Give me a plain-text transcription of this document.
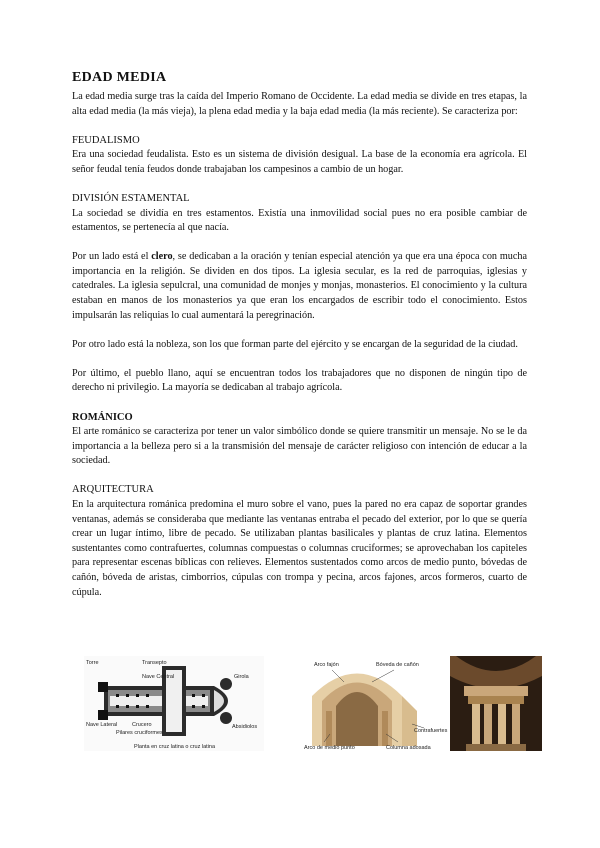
EDAD MEDIA

La edad media surge tras la caída del Imperio Romano de Occidente. La edad media se divide en tres etapas, la alta edad media (la más vieja), la plena edad media y la baja edad media (la más reciente). Se caracteriza por:

FEUDALISMO

Era una sociedad feudalista. Esto es un sistema de división desigual. La base de la economía era agrícola. El señor feudal tenía feudos donde trabajaban los campesinos a cambio de un hogar.

DIVISIÓN ESTAMENTAL

La sociedad se dividía en tres estamentos. Existía una inmovilidad social pues no era posible cambiar de estamentos, se pertenecía al que nacía.

Por un lado está el clero, se dedicaban a la oración y tenían especial atención ya que era una época con mucha importancia en la religión. Se dividen en dos tipos. La iglesia secular, es la red de parroquias, iglesias y catedrales. La iglesia sepulcral, una comunidad de monjes y monjas, monasterios. El conocimiento y la cultura estaban en manos de los monasterios ya que eran los encargados de escribir todo el conocimiento. Estos impulsarán las reliquias lo cual aumentará la peregrinación.

Por otro lado está la nobleza, son los que forman parte del ejército y se encargan de la seguridad de la ciudad.

Por último, el pueblo llano, aquí se encuentran todos los trabajadores que no disponen de ningún tipo de derecho ni privilegio. La mayoría se dedicaban al trabajo agrícola.

ROMÁNICO

El arte románico se caracteriza por tener un valor simbólico donde se quiere transmitir un mensaje. No se le da importancia a la belleza pero si a la transmisión del mensaje de carácter religioso con intención de educar a la sociedad.

ARQUITECTURA

En la arquitectura románica predomina el muro sobre el vano, pues la pared no era capaz de soportar grandes ventanas, además se consideraba que mediante las ventanas entraba el pecado del exterior, por lo que se quería crear un lugar íntimo, libre de pecado. Se utilizaban plantas basilicales y plantas de cruz latina. Elementos sustentantes como contrafuertes, columnas compuestas o columnas cruciformes; se aprovechaban los capiteles para representar escenas bíblicas con relieves. Elementos sustentados como arcos de medio punto, bóvedas de cañón, bóveda de aristas, cimborrios, cúpulas con trompa y pecina, arcos fajones, arcos formeros, cuarto de cúpula.

Torre	Transepto
Nave Central	Girola
Nave Lateral	Crucero	Absidiolos
Pilares cruciformes
Planta en cruz latina o cruz latina
Arco fajón	Bóveda de cañón
Contrafuertes
Arco de medio punto	Columna adosada
